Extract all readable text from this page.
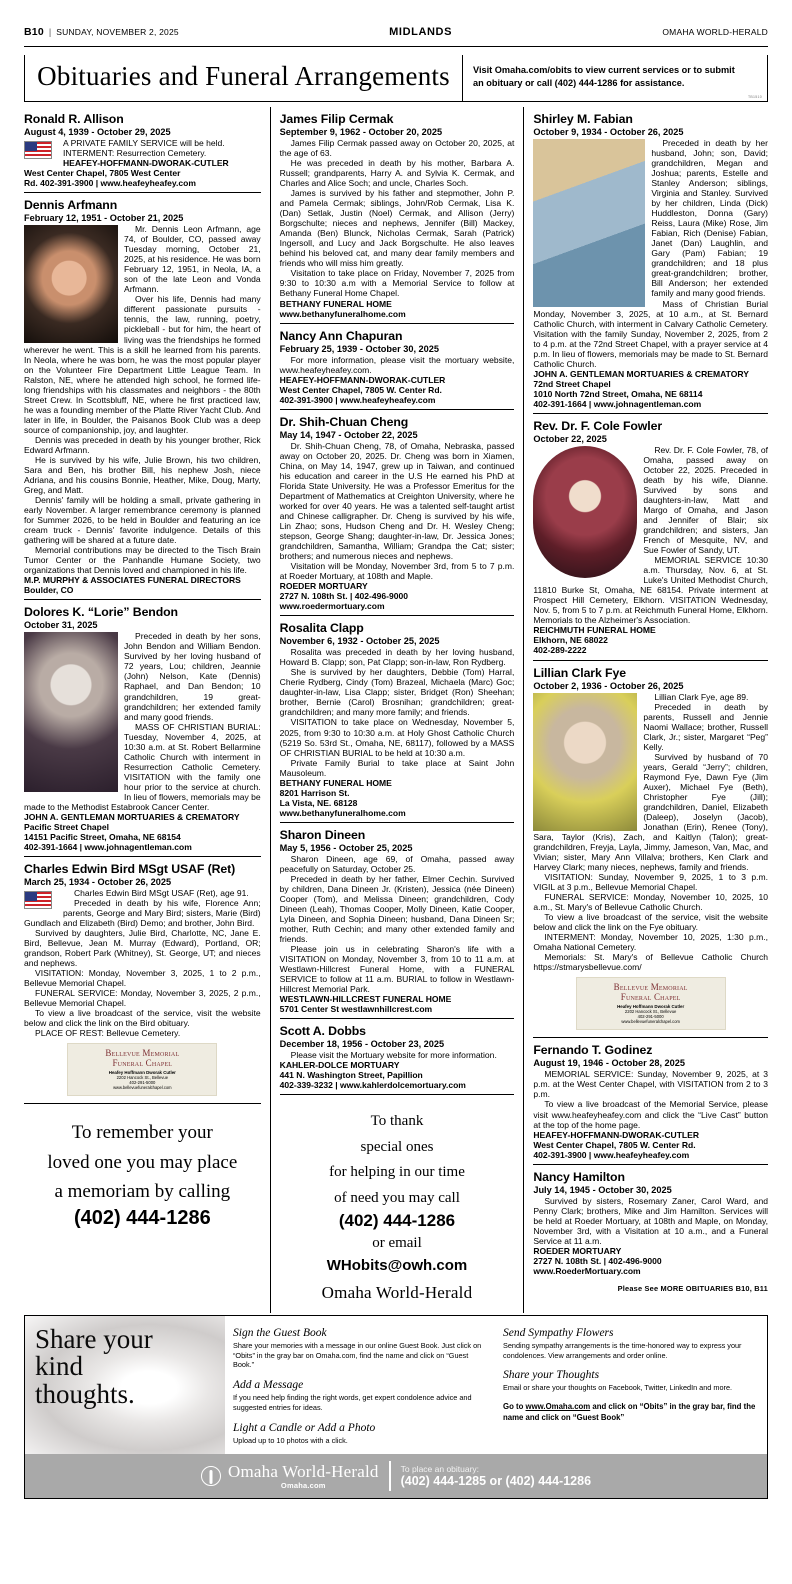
B10 | SUNDAY, NOVEMBER 2, 2025	MIDLANDS	OMAHA WORLD-HERALD
Obituaries and Funeral Arrangements	Visit Omaha.com/obits to view current services or to submit

an obituary or call (402) 444-1286 for assistance.

TB1510
Ronald R. Allison
August 4, 1939 - October 29, 2025

A PRIVATE FAMILY SERVICE will be held.

INTERMENT: Resurrection Cemetery.

HEAFEY-HOFFMANN-DWORAK-CUTLER

West Center Chapel, 7805 West Center

Rd. 402-391-3900 | www.heafeyheafey.com

Dennis Arfmann
February 12, 1951 - October 21, 2025

Mr. Dennis Leon Arfmann, age 74, of Boulder, CO, passed away Tuesday morning, October 21, 2025, at his residence. He was born February 12, 1951, in Neola, IA, a son of the late Leon and Vonda Arfmann.

Over his life, Dennis had many different passionate pursuits - tennis, the law, running, poetry, pickleball - but for him, the heart of living was the friendships he formed wherever he went. This is a skill he learned from his parents. In Neola, where he was born, he was the most popular player on the Volunteer Fire Department Little League Team. In Ralston, NE, where he attended high school, he formed life-long friendships with his classmates and neighbors - the 80th Street Crew. In Scottsbluff, NE, where he first practiced law, he was a founding member of the Platte River Yacht Club. And later in life, in Boulder, the Paisanos Book Club was a deep source of companionship, joy, and laughter.

Dennis was preceded in death by his younger brother, Rick Edward Arfmann.

He is survived by his wife, Julie Brown, his two children, Sara and Ben, his brother Bill, his nephew Josh, niece Adriana, and his cousins Bonnie, Heather, Mike, Doug, Marty, Greg, and Matt.

Dennis' family will be holding a small, private gathering in early November. A larger remembrance ceremony is planned for Summer 2026, to be held in Boulder and featuring an ice cream truck - Dennis' favorite indulgence. Details of this gathering will be shared at a future date.

Memorial contributions may be directed to the Tisch Brain Tumor Center or the Panhandle Humane Society, two organizations that Dennis loved and championed in his life.

M.P. MURPHY & ASSOCIATES FUNERAL DIRECTORS

Boulder, CO

Dolores K. “Lorie” Bendon
October 31, 2025

Preceded in death by her sons, John Bendon and William Bendon. Survived by her loving husband of 72 years, Lou; children, Jeannie (John) Nelson, Kate (Dennis) Raphael, and Dan Bendon; 10 grandchildren, 19 great-grandchildren; her extended family and many good friends.

MASS OF CHRISTIAN BURIAL: Tuesday, November 4, 2025, at 10:30 a.m. at St. Robert Bellarmine Catholic Church with interment in Resurrection Catholic Cemetery. VISITATION with the family one hour prior to the service at church. In lieu of flowers, memorials may be made to the Methodist Estabrook Cancer Center.

JOHN A. GENTLEMAN MORTUARIES & CREMATORY

Pacific Street Chapel

14151 Pacific Street, Omaha, NE 68154

402-391-1664 | www.johnagentleman.com

Charles Edwin Bird MSgt USAF (Ret)
March 25, 1934 - October 26, 2025

Charles Edwin Bird MSgt USAF (Ret), age 91.

Preceded in death by his wife, Florence Ann; parents, George and Mary Bird; sisters, Marie (Bird) Gundlach and Elizabeth (Bird) Demo; and brother, John Bird.

Survived by daughters, Julie Bird, Charlotte, NC, Jane E. Bird, Bellevue, Jean M. Murray (Edward), Portland, OR; grandson, Robert Park (Whitney), St. George, UT; and nieces and nephews.

VISITATION: Monday, November 3, 2025, 1 to 2 p.m., Bellevue Memorial Chapel.

FUNERAL SERVICE: Monday, November 3, 2025, 2 p.m., Bellevue Memorial Chapel.

To view a live broadcast of the service, visit the website below and click the link on the Bird obituary.

PLACE OF REST: Bellevue Cemetery.

Bellevue Memorial
Funeral Chapel
Heafey Hoffmann Dworak Cutler
2202 Hancock St., Bellevue
402-291-5000
www.bellevuefuneralchapel.com
To remember your
loved one you may place
a memoriam by calling
(402) 444-1286
James Filip Cermak
September 9, 1962 - October 20, 2025

James Filip Cermak passed away on October 20, 2025, at the age of 63.

He was preceded in death by his mother, Barbara A. Russell; grandparents, Harry A. and Sylvia K. Cermak, and Charles and Alice Soch; and uncle, Charles Soch.

James is survived by his father and stepmother, John P. and Pamela Cermak; siblings, John/Rob Cermak, Lisa K. (Dan) Setlak, Justin (Noel) Cermak, and Allison (Jerry) Borgschulte; nieces and nephews, Jennifer (Bill) Mackey, Amanda (Ben) Blunck, Nicholas Cermak, Sarah (Patrick) Ingersoll, and Lucy and Jack Borgschulte. He also leaves behind his beloved cat, and many dear family members and friends who will miss him greatly.

Visitation to take place on Friday, November 7, 2025 from 9:30 to 10:30 a.m with a Memorial Service to follow at Bethany Funeral Home Chapel.

BETHANY FUNERAL HOME

www.bethanyfuneralhome.com

Nancy Ann Chapuran
February 25, 1939 - October 30, 2025

For more information, please visit the mortuary website, www.heafeyheafey.com.

HEAFEY-HOFFMANN-DWORAK-CUTLER

West Center Chapel, 7805 W. Center Rd.

402-391-3900 | www.heafeyheafey.com

Dr. Shih-Chuan Cheng
May 14, 1947 - October 22, 2025

Dr. Shih-Chuan Cheng, 78, of Omaha, Nebraska, passed away on October 20, 2025. Dr. Cheng was born in Xiamen, China, on May 14, 1947, grew up in Taiwan, and continued his education and career in the U.S He earned his PhD at Florida State University. He was a Professor Emeritus for the Department of Mathematics at Creighton University, where he worked for over 40 years. He was a talented self-taught artist and Chinese calligrapher. Dr. Cheng is survived by his wife, Lin Zhao; sons, Hudson Cheng and Dr. H. Wesley Cheng; stepson, George Shang; daughter-in-law, Dr. Jessica Jones; grandchildren, Samantha, William; Grandpa the Cat; sister; brothers; and numerous nieces and nephews.

Visitation will be Monday, November 3rd, from 5 to 7 p.m. at Roeder Mortuary, at 108th and Maple.

ROEDER MORTUARY

2727 N. 108th St. | 402-496-9000

www.roedermortuary.com

Rosalita Clapp
November 6, 1932 - October 25, 2025

Rosalita was preceded in death by her loving husband, Howard B. Clapp; son, Pat Clapp; son-in-law, Ron Rydberg.

She is survived by her daughters, Debbie (Tom) Harral, Cherie Rydberg, Cindy (Tom) Brazeal, Michaela (Marc) Goc; daughter-in-law, Lisa Clapp; sister, Bridget (Ron) Sheehan; brother, Bernie (Carol) Brosnihan; grandchildren; great-grandchildren; and many more family; and friends.

VISITATION to take place on Wednesday, November 5, 2025, from 9:30 to 10:30 a.m. at Holy Ghost Catholic Church (5219 So. 53rd St., Omaha, NE, 68117), followed by a MASS OF CHRISTIAN BURIAL to be held at 10:30 a.m.

Private Family Burial to take place at Saint John Mausoleum.

BETHANY FUNERAL HOME

8201 Harrison St.

La Vista, NE. 68128

www.bethanyfuneralhome.com

Sharon Dineen
May 5, 1956 - October 25, 2025

Sharon Dineen, age 69, of Omaha, passed away peacefully on Saturday, October 25.

Preceded in death by her father, Elmer Cechin. Survived by children, Dana Dineen Jr. (Kristen), Jessica (née Dineen) Cooper (Tom), and Melissa Dineen; grandchildren, Cody Dineen (Leah), Thomas Cooper, Molly Dineen, Katie Cooper, Lyla Dineen, and Sophia Dineen; husband, Dana Dineen Sr; mother, Ruth Cechin; and many other extended family and friends.

Please join us in celebrating Sharon's life with a VISITATION on Monday, November 3, from 10 to 11 a.m. at Westlawn-Hillcrest Funeral Home, with a FUNERAL SERVICE to follow at 11 a.m. BURIAL to follow in Westlawn-Hillcrest Memorial Park.

WESTLAWN-HILLCREST FUNERAL HOME

5701 Center St westlawnhillcrest.com

Scott A. Dobbs
December 18, 1956 - October 23, 2025

Please visit the Mortuary website for more information.

KAHLER-DOLCE MORTUARY

441 N. Washington Street, Papillion

402-339-3232 | www.kahlerdolcemortuary.com

To thank
special ones
for helping in our time
of need you may call
(402) 444-1286
or email
WHobits@owh.com
Omaha World-Herald
Shirley M. Fabian
October 9, 1934 - October 26, 2025

Preceded in death by her husband, John; son, David; grandchildren, Megan and Joshua; parents, Estelle and Stanley Anderson; siblings, Virginia and Stanley. Survived by her children, Linda (Dick) Huddleston, Donna (Gary) Reiss, Laura (Mike) Rose, Jim Fabian, Rich (Denise) Fabian, Janet (Dan) Laughlin, and Gary (Pam) Fabian; 19 grandchildren; and 18 plus great-grandchildren; brother, Bill Anderson; her extended family and many good friends.

Mass of Christian Burial Monday, November 3, 2025, at 10 a.m., at St. Bernard Catholic Church, with interment in Calvary Catholic Cemetery. Visitation with the family Sunday, November 2, 2025, from 2 to 4 p.m. at the 72nd Street Chapel, with a prayer service at 4 p.m. In lieu of flowers, memorials may be made to St. Bernard Catholic Church.

JOHN A. GENTLEMAN MORTUARIES & CREMATORY

72nd Street Chapel

1010 North 72nd Street, Omaha, NE 68114

402-391-1664 | www.johnagentleman.com

Rev. Dr. F. Cole Fowler
October 22, 2025

Rev. Dr. F. Cole Fowler, 78, of Omaha, passed away on October 22, 2025. Preceded in death by his wife, Dianne. Survived by sons and daughters-in-law, Matt and Margo of Omaha, and Jason and Jennifer of Blair; six grandchildren; and sisters, Jan French of Mesquite, NV, and Sue Fowler of Sandy, UT.

MEMORIAL SERVICE 10:30 a.m. Thursday, Nov. 6, at St. Luke's United Methodist Church, 11810 Burke St, Omaha, NE 68154. Private interment at Prospect Hill Cemetery, Elkhorn. VISITATION Wednesday, Nov. 5, from 5 to 7 p.m. at Reichmuth Funeral Home, Elkhorn. Memorials to the Alzheimer's Association.

REICHMUTH FUNERAL HOME

Elkhorn, NE 68022

402-289-2222

Lillian Clark Fye
October 2, 1936 - October 26, 2025

Lillian Clark Fye, age 89.

Preceded in death by parents, Russell and Jennie Naomi Wallace; brother, Russell Clark, Jr.; sister, Margaret “Peg” Kelly.

Survived by husband of 70 years, Gerald “Jerry”; children, Raymond Fye, Dawn Fye (Jim Auxer), Michael Fye (Beth), Christopher Fye (Jill); grandchildren, Daniel, Elizabeth (Daleep), Joselyn (Jacob), Jonathan (Erin), Renee (Tony), Sara, Taylor (Kris), Zach, and Kaitlyn (Talon); great-grandchildren, Freyja, Layla, Jimmy, Jameson, Van, Mac, and Vivian; sister, Mary Ann Villalva; brothers, Ken Clark and Harvey Clark; many nieces, nephews, family and friends.

VISITATION: Sunday, November 9, 2025, 1 to 3 p.m. VIGIL at 3 p.m., Bellevue Memorial Chapel.

FUNERAL SERVICE: Monday, November 10, 2025, 10 a.m., St. Mary's of Bellevue Catholic Church.

To view a live broadcast of the service, visit the website below and click the link on the Fye obituary.

INTERMENT: Monday, November 10, 2025, 1:30 p.m., Omaha National Cemetery.

Memorials: St. Mary's of Bellevue Catholic Church https://stmarysbellevue.com/

Bellevue Memorial
Funeral Chapel
Heafey Hoffmann Dworak Cutler
2202 Hancock St., Bellevue
402-291-5000
www.bellevuefuneralchapel.com
Fernando T. Godinez
August 19, 1946 - October 28, 2025

MEMORIAL SERVICE: Sunday, November 9, 2025, at 3 p.m. at the West Center Chapel, with VISITATION from 2 to 3 p.m.

To view a live broadcast of the Memorial Service, please visit www.heafeyheafey.com and click the “Live Cast” button at the top of the home page.

HEAFEY-HOFFMANN-DWORAK-CUTLER

West Center Chapel, 7805 W. Center Rd.

402-391-3900 | www.heafeyheafey.com

Nancy Hamilton
July 14, 1945 - October 30, 2025

Survived by sisters, Rosemary Zaner, Carol Ward, and Penny Clark; brothers, Mike and Jim Hamilton. Services will be held at Roeder Mortuary, at 108th and Maple, on Monday, November 3rd, with a Visitation at 10 a.m., and a Funeral Service at 11 a.m.

ROEDER MORTUARY

2727 N. 108th St. | 402-496-9000

www.RoederMortuary.com

Please See MORE OBITUARIES B10, B11
Share your
kind
thoughts.
Sign the Guest Book

Share your memories with a message in our online Guest Book. Just click on “Obits” in the gray bar on Omaha.com, find the name and click on “Guest Book.”

Add a Message

If you need help finding the right words, get expert condolence advice and suggested entries for ideas.

Light a Candle or Add a Photo

Upload up to 10 photos with a click.

Send Sympathy Flowers

Sending sympathy arrangements is the time-honored way to express your condolences. View arrangements and order online.

Share your Thoughts

Email or share your thoughts on Facebook, Twitter, LinkedIn and more.

Go to www.Omaha.com and click on “Obits” in the gray bar, find the name and click on “Guest Book”

Omaha World-Herald
Omaha.com
To place an obituary:
(402) 444-1285 or (402) 444-1286
